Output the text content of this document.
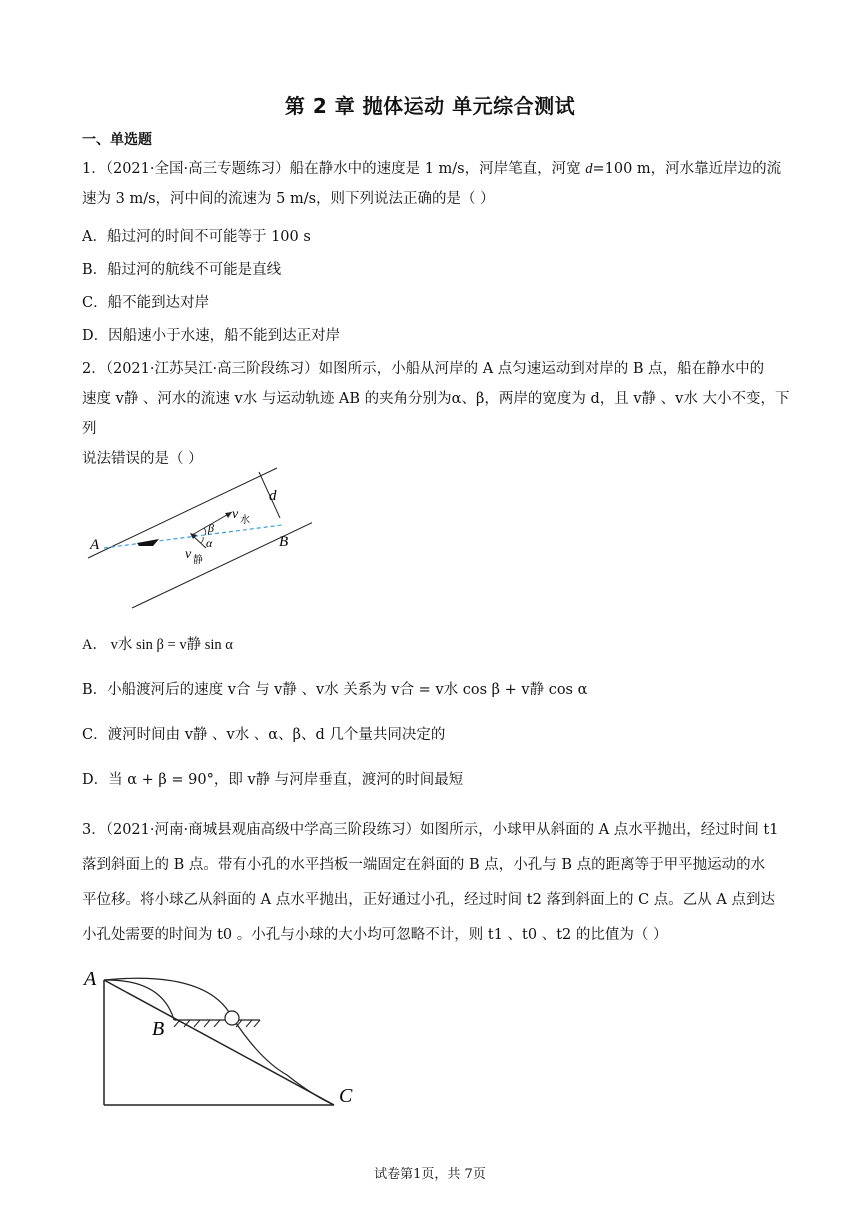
第 2 章 抛体运动 单元综合测试
一、单选题
1．（2021·全国·高三专题练习）船在静水中的速度是 1 m/s，河岸笔直，河宽 d=100 m，河水靠近岸边的流
速为 3 m/s，河中间的流速为 5 m/s，则下列说法正确的是（ ）
A．船过河的时间不可能等于 100 s
B．船过河的航线不可能是直线
C．船不能到达对岸
D．因船速小于水速，船不能到达正对岸
2．（2021·江苏吴江·高三阶段练习）如图所示，小船从河岸的 A 点匀速运动到对岸的 B 点，船在静水中的
速度 v静 、河水的流速 v水 与运动轨迹 AB 的夹角分别为α、β，两岸的宽度为 d，且 v静 、v水 大小不变，下列
说法错误的是（ ）
A	B
d
v 水
v 静
β
α
A． v水 sin β = v静 sin α
B．小船渡河后的速度 v合 与 v静 、v水 关系为 v合 = v水 cos β + v静 cos α
C．渡河时间由 v静 、v水 、α、β、d 几个量共同决定的
D．当 α + β = 90°，即 v静 与河岸垂直，渡河的时间最短
3．（2021·河南·商城县观庙高级中学高三阶段练习）如图所示，小球甲从斜面的 A 点水平抛出，经过时间 t1
落到斜面上的 B 点。带有小孔的水平挡板一端固定在斜面的 B 点，小孔与 B 点的距离等于甲平抛运动的水
平位移。将小球乙从斜面的 A 点水平抛出，正好通过小孔，经过时间 t2 落到斜面上的 C 点。乙从 A 点到达
小孔处需要的时间为 t0 。小孔与小球的大小均可忽略不计，则 t1 、t0 、t2 的比值为（ ）
A
B
C
试卷第1页，共 7页
